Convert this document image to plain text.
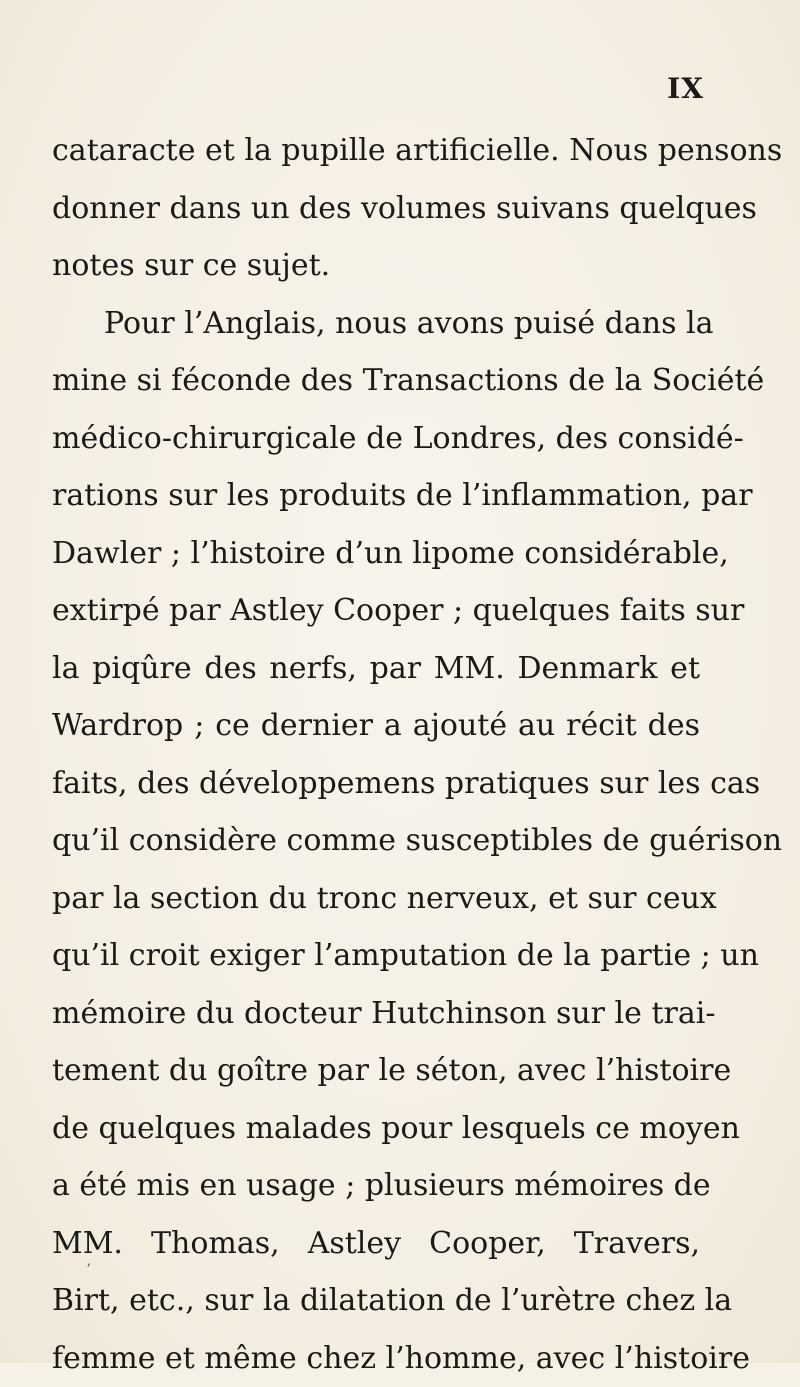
IX
cataracte et la pupille artificielle. Nous pensons
donner dans un des volumes suivans quelques
notes sur ce sujet.
Pour l’Anglais, nous avons puisé dans la
mine si féconde des Transactions de la Société
médico-chirurgicale de Londres, des considé-
rations sur les produits de l’inflammation, par
Dawler ; l’histoire d’un lipome considérable,
extirpé par Astley Cooper ; quelques faits sur
la piqûre des nerfs, par MM. Denmark et
Wardrop ; ce dernier a ajouté au récit des
faits, des développemens pratiques sur les cas
qu’il considère comme susceptibles de guérison
par la section du tronc nerveux, et sur ceux
qu’il croit exiger l’amputation de la partie ; un
mémoire du docteur Hutchinson sur le trai-
tement du goître par le séton, avec l’histoire
de quelques malades pour lesquels ce moyen
a été mis en usage ; plusieurs mémoires de
MM. Thomas, Astley Cooper, Travers,
Birt, etc., sur la dilatation de l’urètre chez la
femme et même chez l’homme, avec l’histoire
ʼ
